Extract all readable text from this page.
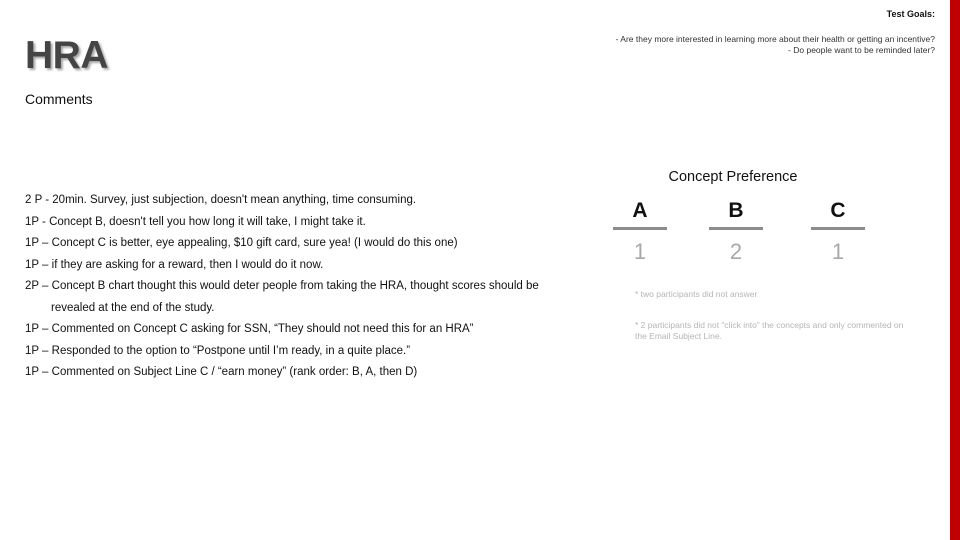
Test Goals:
- Are they more interested in learning more about their health or getting an incentive?
- Do people want to be reminded later?
HRA
Comments
2 P - 20min. Survey, just subjection, doesn't mean anything, time consuming.
1P - Concept B, doesn't tell you how long it will take, I might take it.
1P – Concept C is better, eye appealing, $10 gift card, sure yea! (I would do this one)
1P – if they are asking for a reward, then I would do it now.
2P – Concept B chart thought this would deter people from taking the HRA, thought scores should be
revealed at the end of the study.
1P – Commented on Concept C asking for SSN, “They should not need this for an HRA”
1P – Responded to the option to “Postpone until I’m ready, in a quite place.”
1P – Commented on Subject Line C / “earn money” (rank order: B, A, then D)
Concept Preference
A
1
B
2
C
1
* two participants did not answer
* 2 participants did not “click into” the concepts and only commented on the Email Subject Line.
